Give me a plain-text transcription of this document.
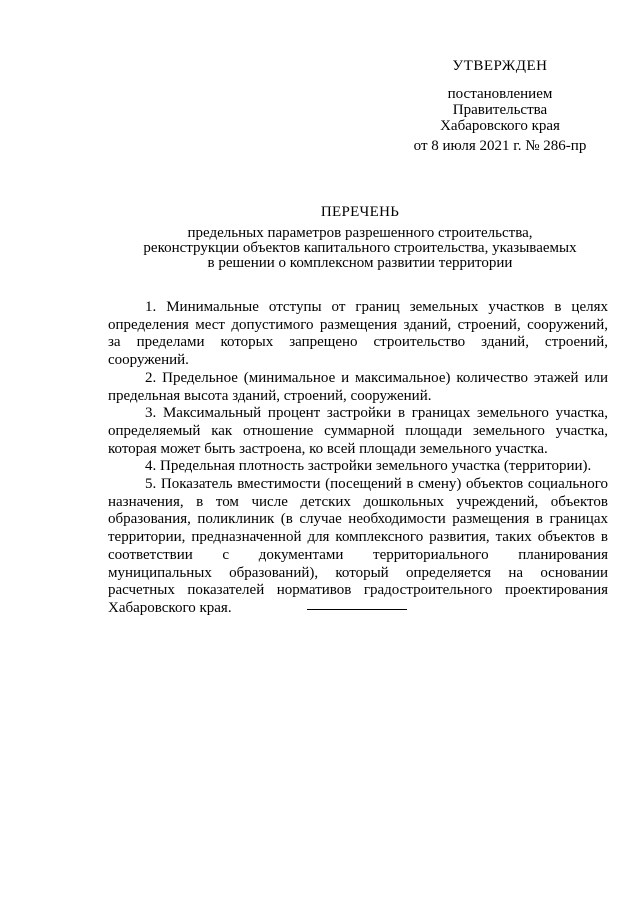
УТВЕРЖДЕН
постановлением
Правительства
Хабаровского края
от 8 июля 2021 г. № 286-пр
ПЕРЕЧЕНЬ
предельных параметров разрешенного строительства,
реконструкции объектов капитального строительства, указываемых
в решении о комплексном развитии территории

1. Минимальные отступы от границ земельных участков в целях определения мест допустимого размещения зданий, строений, сооружений, за пределами которых запрещено строительство зданий, строений, сооружений.

2. Предельное (минимальное и максимальное) количество этажей или предельная высота зданий, строений, сооружений.

3. Максимальный процент застройки в границах земельного участка, определяемый как отношение суммарной площади земельного участка, которая может быть застроена, ко всей площади земельного участка.

4. Предельная плотность застройки земельного участка (территории).

5. Показатель вместимости (посещений в смену) объектов социального назначения, в том числе детских дошкольных учреждений, объектов образования, поликлиник (в случае необходимости размещения в границах территории, предназначенной для комплексного развития, таких объектов в соответствии с документами территориального планирования муниципальных образований), который определяется на основании расчетных показателей нормативов градостроительного проектирования Хабаровского края.
